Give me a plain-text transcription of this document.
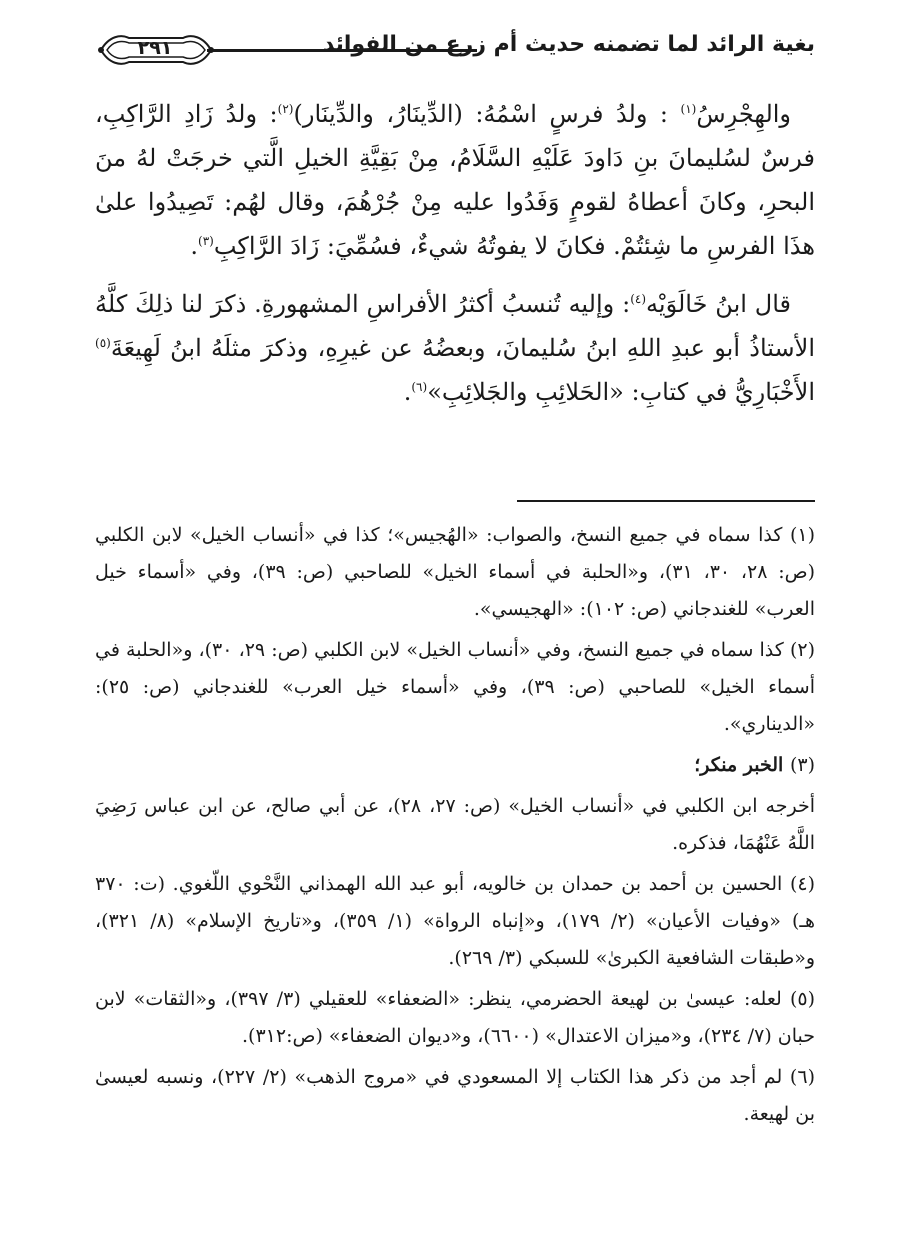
٢٩١	بغية الرائد لما تضمنه حديث أم زرع من الفوائد

والهِجْرِسُ$^{(١)}$ : ولدُ فرسٍ اسْمُهُ: (الدِّينَارُ، والدِّينَار)$^{(٢)}$: ولدُ زَادِ الرَّاكِبِ، فرسٌ لسُليمانَ بنِ دَاودَ عَلَيْهِ السَّلَامُ، مِنْ بَقِيَّةِ الخيلِ الَّتي خرجَتْ لهُ منَ البحرِ، وكانَ أعطاهُ لقومٍ وَفَدُوا عليه مِنْ جُرْهُمَ، وقال لهُم: تَصِيدُوا علىٰ هذَا الفرسِ ما شِئتُمْ. فكانَ لا يفوتُهُ شيءٌ، فسُمِّيَ: زَادَ الرَّاكِبِ$^{(٣)}$.

قال ابنُ خَالَوَيْه$^{(٤)}$: وإليه تُنسبُ أكثرُ الأفراسِ المشهورةِ. ذكرَ لنا ذلِكَ كلَّهُ الأستاذُ أبو عبدِ اللهِ ابنُ سُليمانَ، وبعضُهُ عن غيرِهِ، وذكرَ مثلَهُ ابنُ لَهِيعَةَ$^{(٥)}$ الأَخْبَارِيُّ في كتابِ: «الحَلائِبِ والجَلائِبِ»$^{(٦)}$.

(١) كذا سماه في جميع النسخ، والصواب: «الهُجيس»؛ كذا في «أنساب الخيل» لابن الكلبي (ص: ٢٨، ٣٠، ٣١)، و«الحلبة في أسماء الخيل» للصاحبي (ص: ٣٩)، وفي «أسماء خيل العرب» للغندجاني (ص: ١٠٢): «الهجيسي».

(٢) كذا سماه في جميع النسخ، وفي «أنساب الخيل» لابن الكلبي (ص: ٢٩، ٣٠)، و«الحلبة في أسماء الخيل» للصاحبي (ص: ٣٩)، وفي «أسماء خيل العرب» للغندجاني (ص: ٢٥): «الديناري».

(٣) الخبر منكر؛

أخرجه ابن الكلبي في «أنساب الخيل» (ص: ٢٧، ٢٨)، عن أبي صالح، عن ابن عباس رَضِيَ اللَّهُ عَنْهُمَا، فذكره.

(٤) الحسين بن أحمد بن حمدان بن خالويه، أبو عبد الله الهمذاني النَّحْوي اللّغوي. (ت: ٣٧٠ هـ) «وفيات الأعيان» (٢/ ١٧٩)، و«إنباه الرواة» (١/ ٣٥٩)، و«تاريخ الإسلام» (٨/ ٣٢١)، و«طبقات الشافعية الكبرىٰ» للسبكي (٣/ ٢٦٩).

(٥) لعله: عيسىٰ بن لهيعة الحضرمي، ينظر: «الضعفاء» للعقيلي (٣/ ٣٩٧)، و«الثقات» لابن حبان (٧/ ٢٣٤)، و«ميزان الاعتدال» (٦٦٠٠)، و«ديوان الضعفاء» (ص:٣١٢).

(٦) لم أجد من ذكر هذا الكتاب إلا المسعودي في «مروج الذهب» (٢/ ٢٢٧)، ونسبه لعيسىٰ بن لهيعة.
